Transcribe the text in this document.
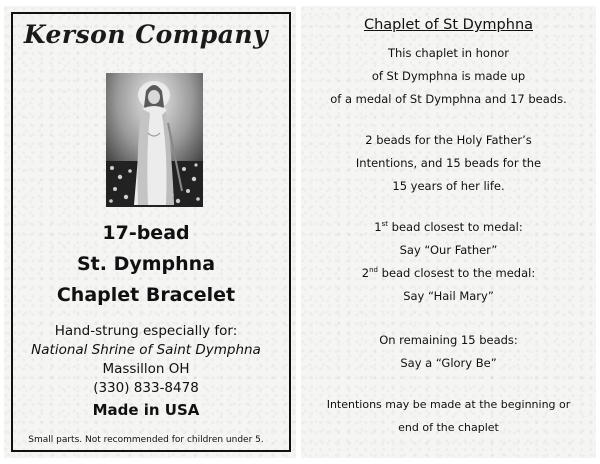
Kerson Company
17-bead
St. Dymphna
Chaplet Bracelet
Hand-strung especially for:
National Shrine of Saint Dymphna
Massillon OH
(330) 833-8478
Made in USA
Small parts. Not recommended for children under 5.
Chaplet of St Dymphna
This chaplet in honor
of St Dymphna is made up
of a medal of St Dymphna and 17 beads.
2 beads for the Holy Father’s
Intentions, and 15 beads for the
15 years of her life.
1st bead closest to medal:
Say “Our Father”
2nd bead closest to the medal:
Say “Hail Mary”
On remaining 15 beads:
Say a “Glory Be”
Intentions may be made at the beginning or
end of the chaplet
